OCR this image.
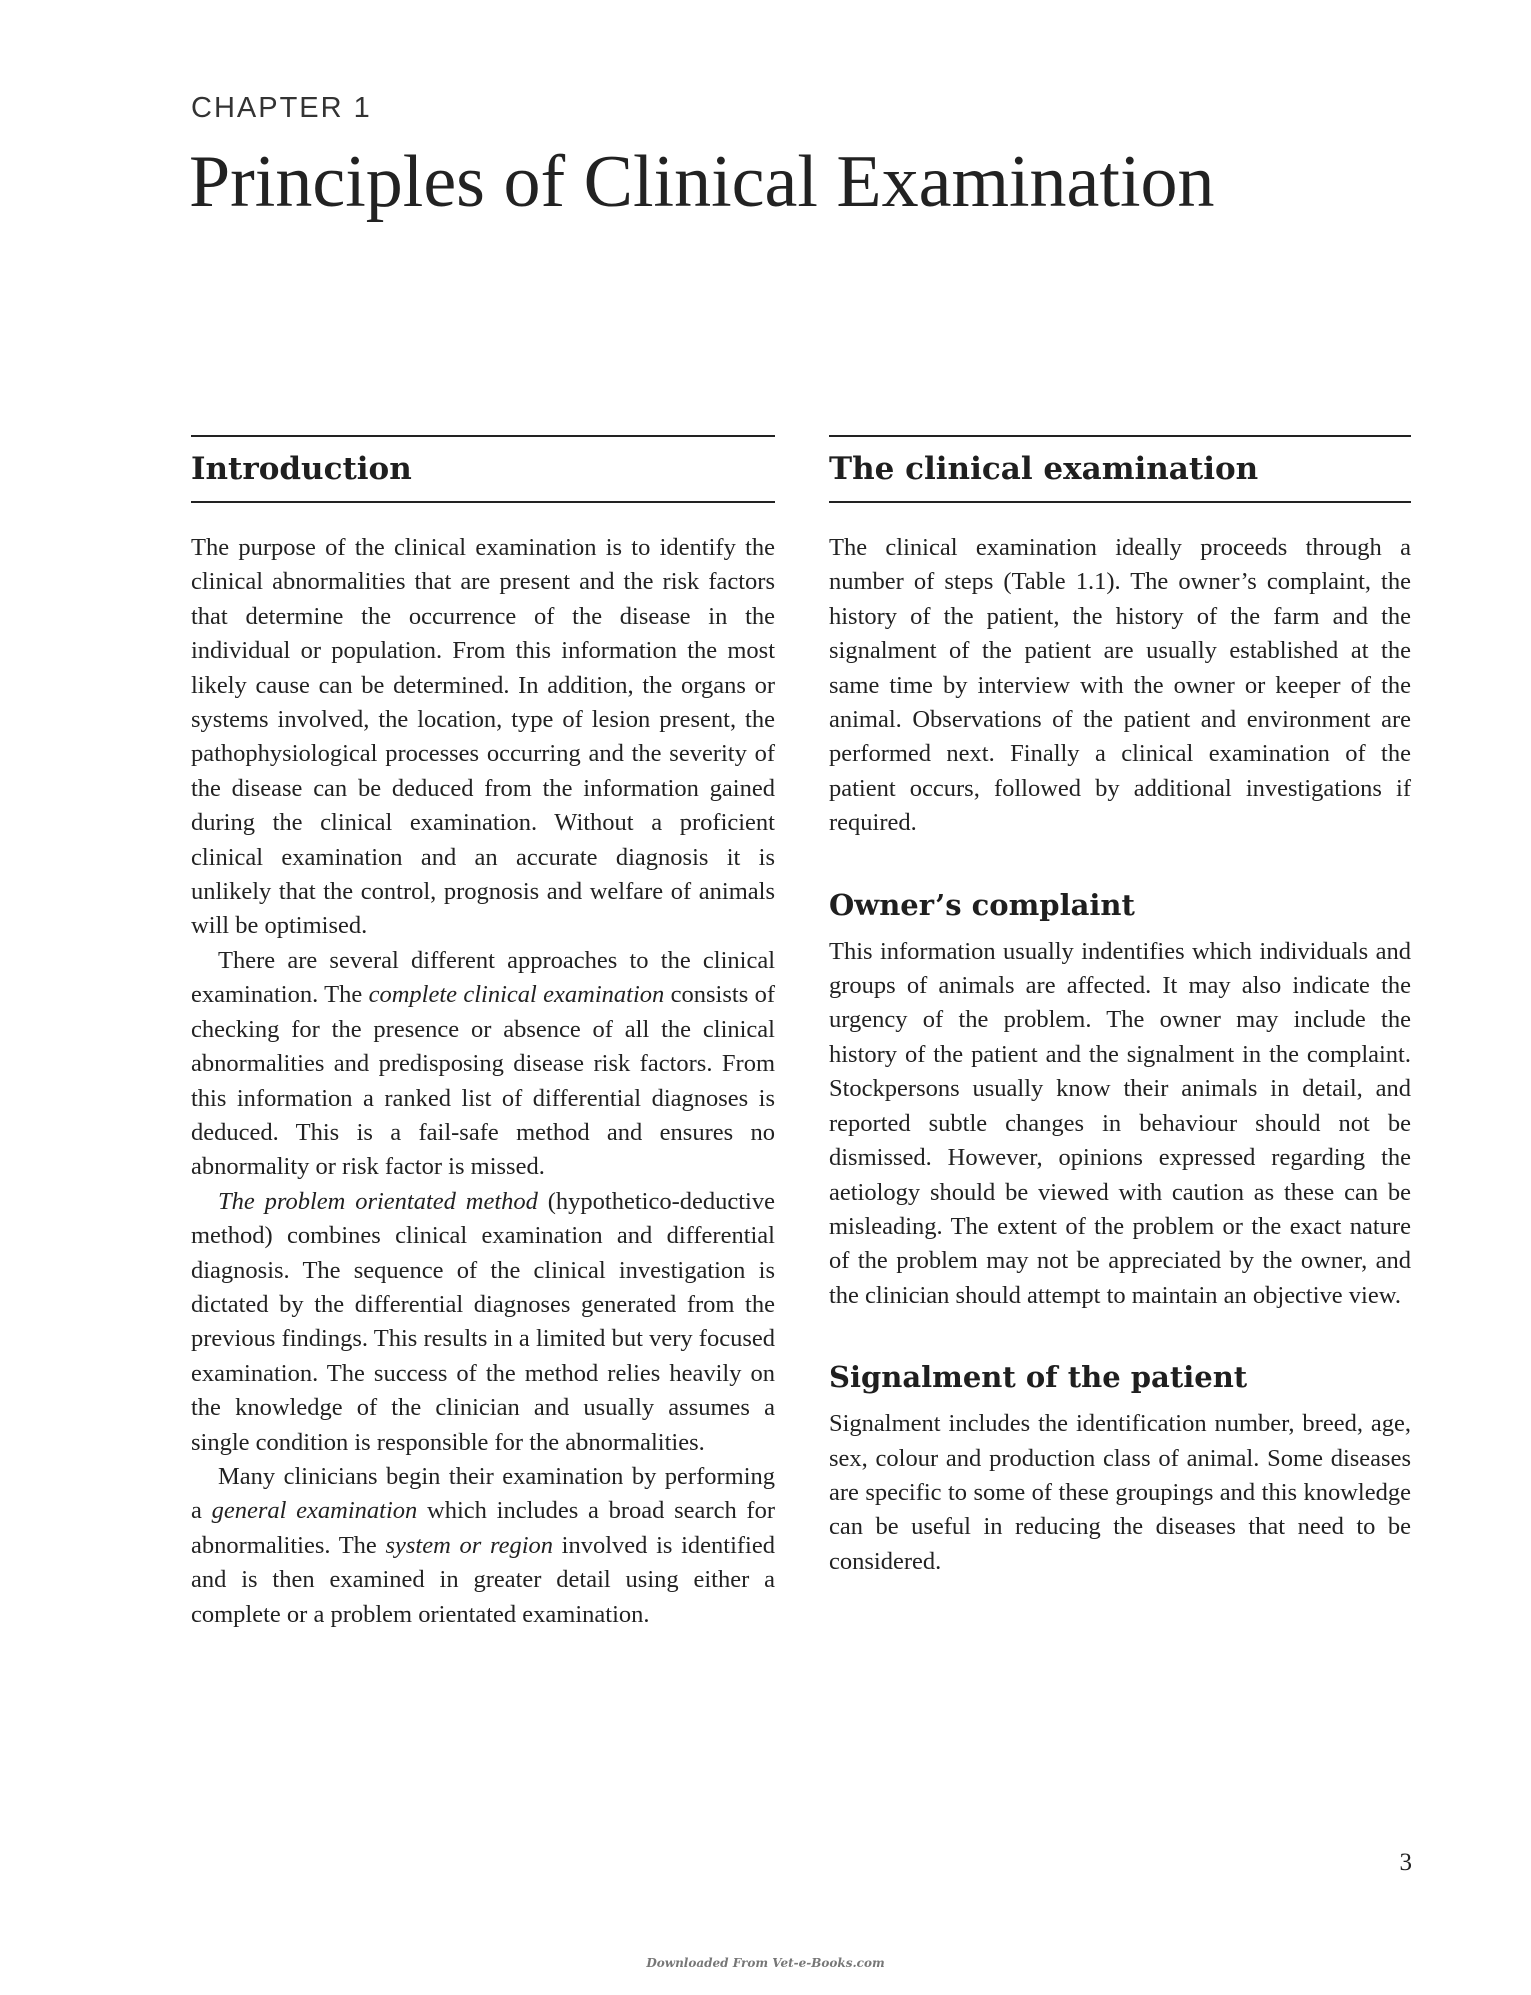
CHAPTER 1
Principles of Clinical Examination
Introduction

The purpose of the clinical examination is to identify the clinical abnormalities that are present and the risk factors that determine the occurrence of the disease in the individual or population. From this information the most likely cause can be determined. In addition, the organs or systems involved, the location, type of lesion present, the pathophysiological processes occurring and the severity of the disease can be deduced from the information gained during the clinical examination. Without a proficient clinical examination and an accurate diagnosis it is unlikely that the control, prognosis and welfare of animals will be optimised.

There are several different approaches to the clinical examination. The complete clinical examination consists of checking for the presence or absence of all the clinical abnormalities and predisposing disease risk factors. From this information a ranked list of differential diagnoses is deduced. This is a fail-safe method and ensures no abnormality or risk factor is missed.

The problem orientated method (hypothetico-deductive method) combines clinical examination and differential diagnosis. The sequence of the clinical investigation is dictated by the differential diagnoses generated from the previous findings. This results in a limited but very focused examination. The success of the method relies heavily on the knowledge of the clinician and usually assumes a single condition is responsible for the abnormalities.

Many clinicians begin their examination by performing a general examination which includes a broad search for abnormalities. The system or region involved is identified and is then examined in greater detail using either a complete or a problem orientated examination.

The clinical examination

The clinical examination ideally proceeds through a number of steps (Table 1.1). The owner’s complaint, the history of the patient, the history of the farm and the signalment of the patient are usually established at the same time by interview with the owner or keeper of the animal. Observations of the patient and environment are performed next. Finally a clinical examination of the patient occurs, followed by additional investigations if required.

Owner’s complaint

This information usually indentifies which individuals and groups of animals are affected. It may also indicate the urgency of the problem. The owner may include the history of the patient and the signalment in the complaint. Stockpersons usually know their animals in detail, and reported subtle changes in behaviour should not be dismissed. However, opinions expressed regarding the aetiology should be viewed with caution as these can be misleading. The extent of the problem or the exact nature of the problem may not be appreciated by the owner, and the clinician should attempt to maintain an objective view.

Signalment of the patient

Signalment includes the identification number, breed, age, sex, colour and production class of animal. Some diseases are specific to some of these groupings and this knowledge can be useful in reducing the diseases that need to be considered.

3
Downloaded From Vet-e-Books.com
